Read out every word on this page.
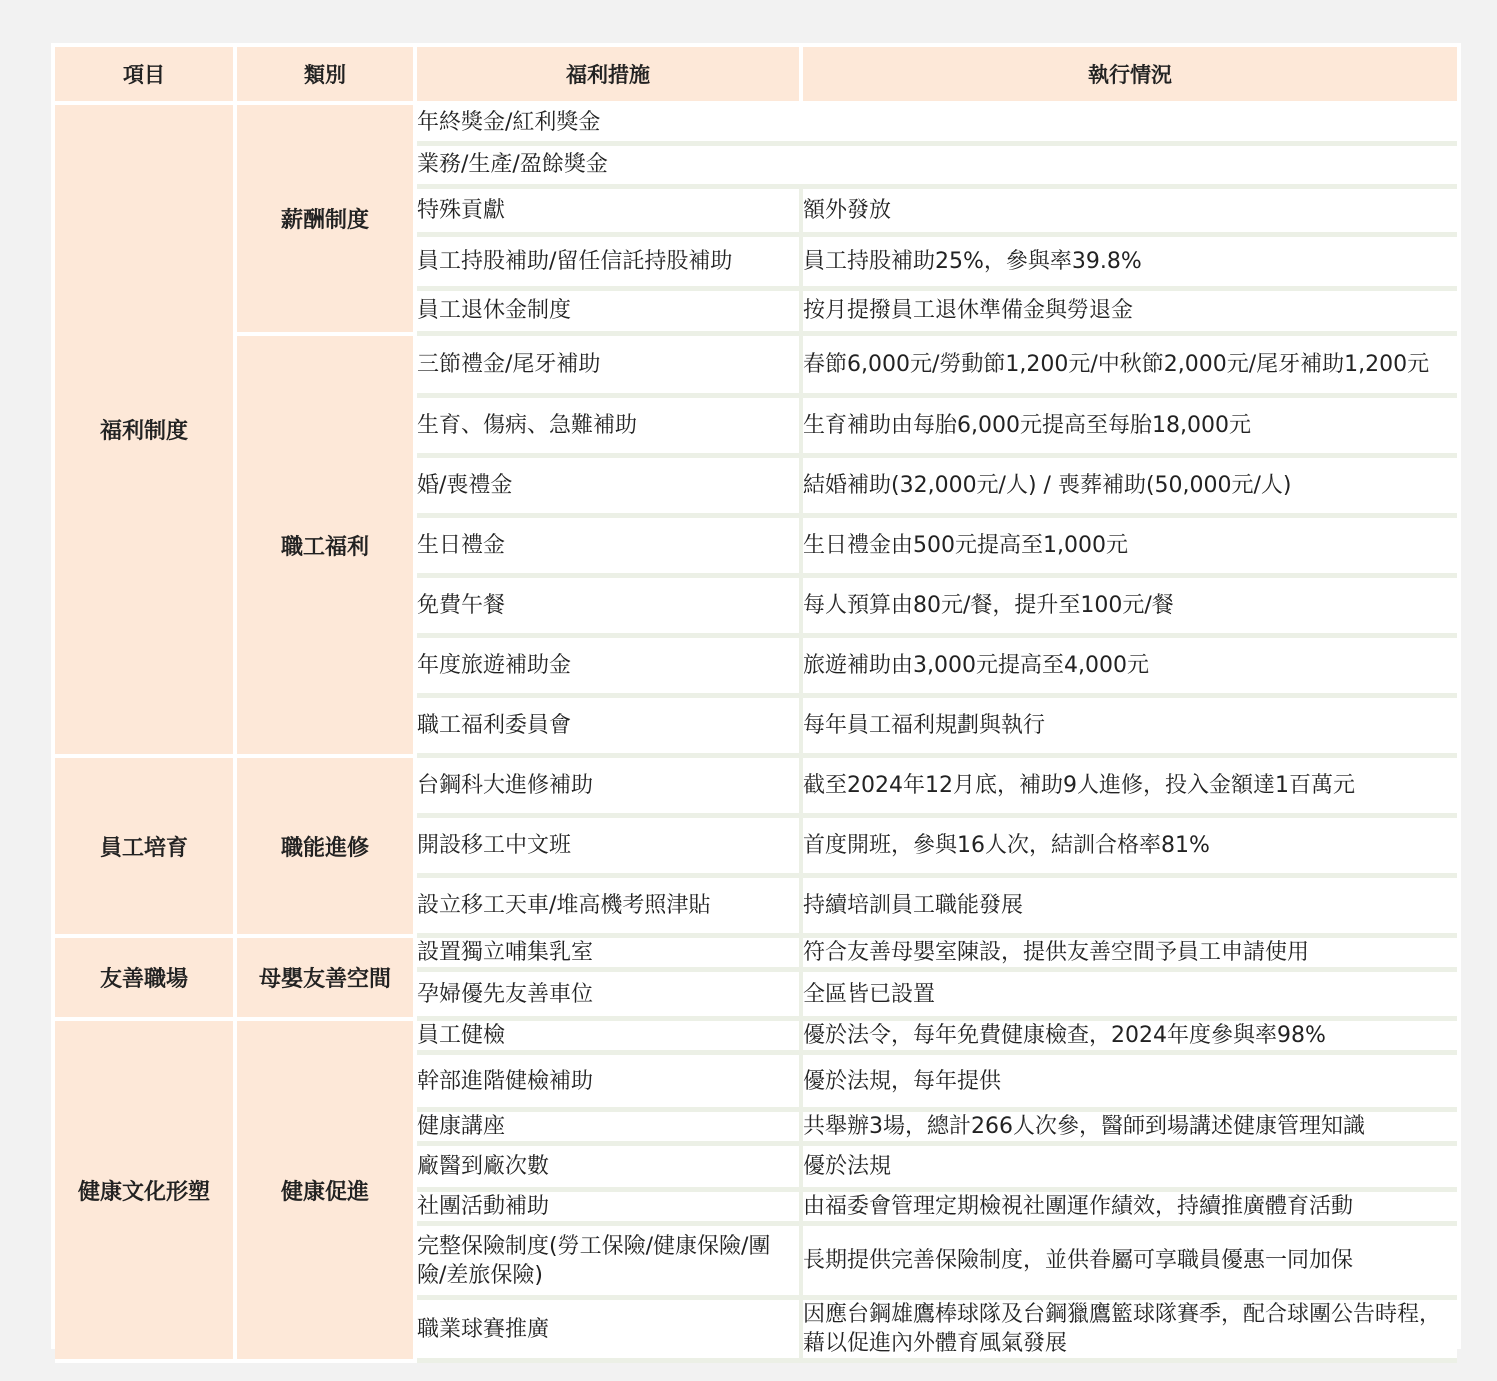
項目	類別	福利措施	執行情況
福利制度	薪酬制度	年終獎金/紅利獎金	
		業務/生產/盈餘獎金	
		特殊貢獻	額外發放
		員工持股補助/留任信託持股補助	員工持股補助25%，參與率39.8%
		員工退休金制度	按月提撥員工退休準備金與勞退金
	職工福利	三節禮金/尾牙補助	春節6,000元/勞動節1,200元/中秋節2,000元/尾牙補助1,200元
		生育、傷病、急難補助	生育補助由每胎6,000元提高至每胎18,000元
		婚/喪禮金	結婚補助(32,000元/人) / 喪葬補助(50,000元/人)
		生日禮金	生日禮金由500元提高至1,000元
		免費午餐	每人預算由80元/餐，提升至100元/餐
		年度旅遊補助金	旅遊補助由3,000元提高至4,000元
		職工福利委員會	每年員工福利規劃與執行
員工培育	職能進修	台鋼科大進修補助	截至2024年12月底，補助9人進修，投入金額達1百萬元
		開設移工中文班	首度開班，參與16人次，結訓合格率81%
		設立移工天車/堆高機考照津貼	持續培訓員工職能發展
友善職場	母嬰友善空間	設置獨立哺集乳室	符合友善母嬰室陳設，提供友善空間予員工申請使用
		孕婦優先友善車位	全區皆已設置
健康文化形塑	健康促進	員工健檢	優於法令，每年免費健康檢查，2024年度參與率98%
		幹部進階健檢補助	優於法規，每年提供
		健康講座	共舉辦3場，總計266人次參，醫師到場講述健康管理知識
		廠醫到廠次數	優於法規
		社團活動補助	由福委會管理定期檢視社團運作績效，持續推廣體育活動
		完整保險制度(勞工保險/健康保險/團險/差旅保險)	長期提供完善保險制度，並供眷屬可享職員優惠一同加保
		職業球賽推廣	因應台鋼雄鷹棒球隊及台鋼獵鷹籃球隊賽季，配合球團公告時程，藉以促進內外體育風氣發展
